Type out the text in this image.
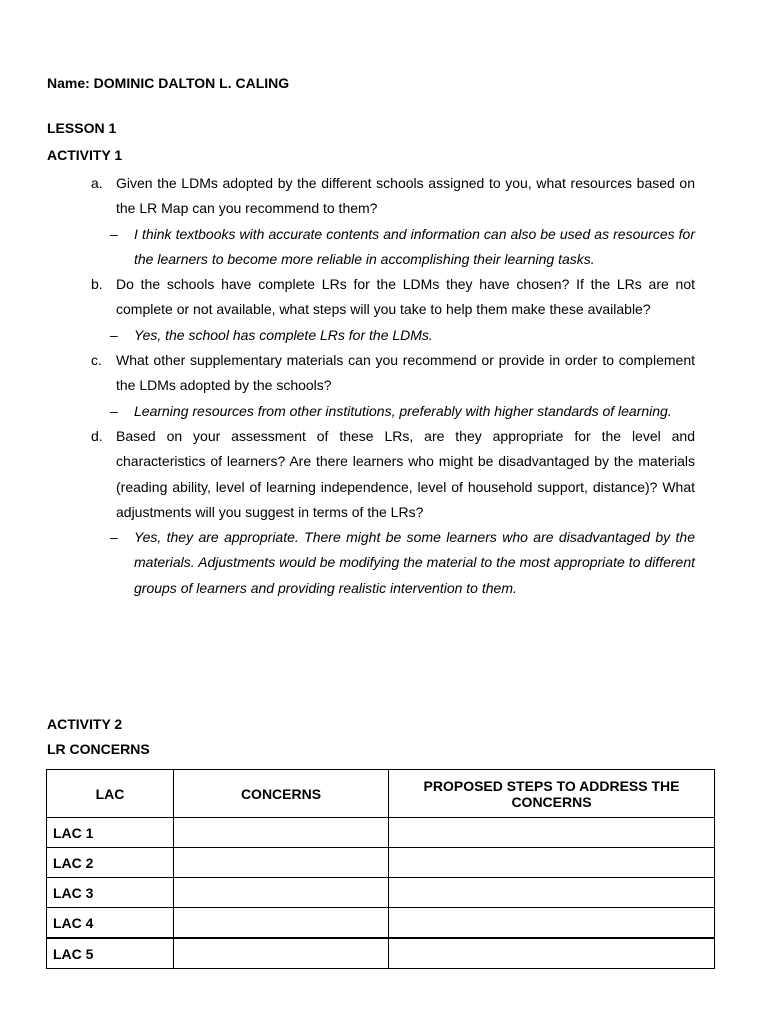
Name: DOMINIC DALTON L. CALING
LESSON 1
ACTIVITY 1
a. Given the LDMs adopted by the different schools assigned to you, what resources based on the LR Map can you recommend to them?
– I think textbooks with accurate contents and information can also be used as resources for the learners to become more reliable in accomplishing their learning tasks.
b. Do the schools have complete LRs for the LDMs they have chosen? If the LRs are not complete or not available, what steps will you take to help them make these available?
– Yes, the school has complete LRs for the LDMs.
c. What other supplementary materials can you recommend or provide in order to complement the LDMs adopted by the schools?
– Learning resources from other institutions, preferably with higher standards of learning.
d. Based on your assessment of these LRs, are they appropriate for the level and characteristics of learners? Are there learners who might be disadvantaged by the materials (reading ability, level of learning independence, level of household support, distance)? What adjustments will you suggest in terms of the LRs?
– Yes, they are appropriate. There might be some learners who are disadvantaged by the materials. Adjustments would be modifying the material to the most appropriate to different groups of learners and providing realistic intervention to them.
ACTIVITY 2
LR CONCERNS
LAC	CONCERNS	PROPOSED STEPS TO ADDRESS THE CONCERNS
LAC 1		
LAC 2		
LAC 3		
LAC 4		
LAC 5		
